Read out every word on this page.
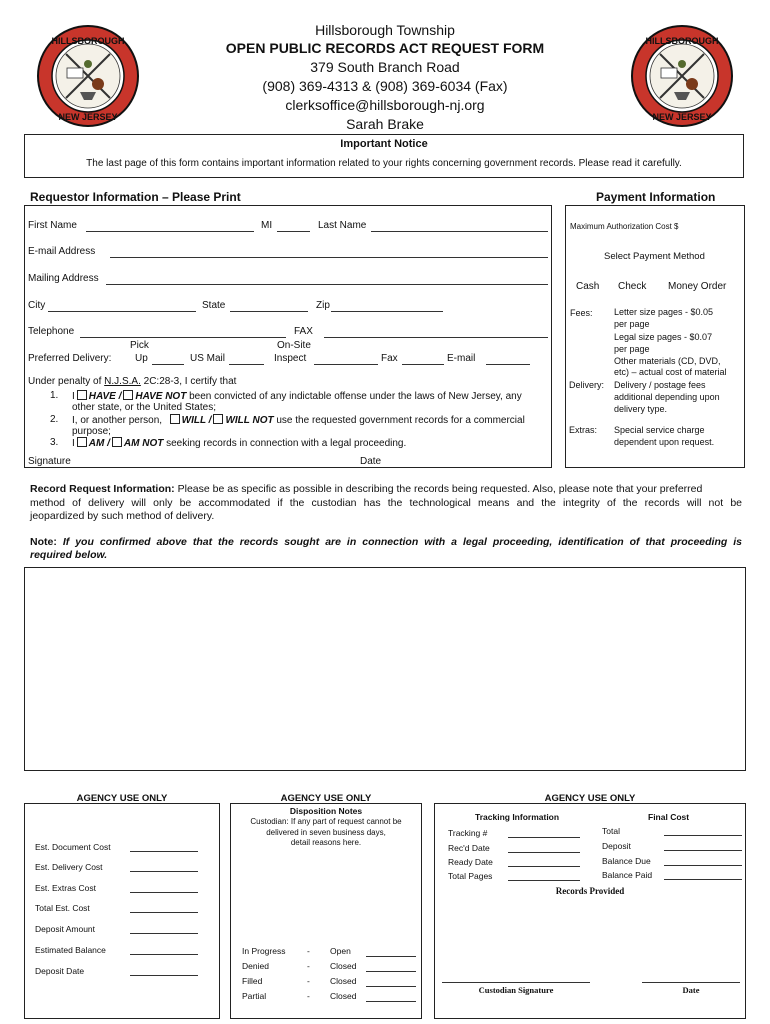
HILLSBOROUGH
NEW JERSEY
HILLSBOROUGH
NEW JERSEY
Hillsborough Township
OPEN PUBLIC RECORDS ACT REQUEST FORM
379 South Branch Road
(908) 369-4313 & (908) 369-6034 (Fax)
clerksoffice@hillsborough-nj.org
Sarah Brake
Important Notice
The last page of this form contains important information related to your rights concerning government records. Please read it carefully.
Requestor Information – Please Print
First Name	MI	Last Name
E-mail Address
Mailing Address
City	State	Zip
Telephone	FAX
Pick	On-Site
Preferred Delivery: Up	US Mail	Inspect	Fax	E-mail
Under penalty of N.J.S.A. 2C:28-3, I certify that
1. I HAVE / HAVE NOT been convicted of any indictable offense under the laws of New Jersey, any
other state, or the United States;
2. I, or another person, WILL / WILL NOT use the requested government records for a commercial
purpose;
3. I AM / AM NOT seeking records in connection with a legal proceeding.
Signature	Date
Payment Information
Maximum Authorization Cost $
Select Payment Method
Cash Check Money Order
Fees: Letter size pages - $0.05
per page
Legal size pages - $0.07
per page
Other materials (CD, DVD,
etc) – actual cost of material
Delivery: Delivery / postage fees
additional depending upon
delivery type.
Extras: Special service charge
dependent upon request.
Record Request Information: Please be as specific as possible in describing the records being requested. Also, please note that your preferred
method of delivery will only be accommodated if the custodian has the technological means and the integrity of the records will not be
jeopardized by such method of delivery.
Note: If you confirmed above that the records sought are in connection with a legal proceeding, identification of that proceeding is
required below.
AGENCY USE ONLY
Est. Document Cost
Est. Delivery Cost
Est. Extras Cost
Total Est. Cost
Deposit Amount
Estimated Balance
Deposit Date
AGENCY USE ONLY
Disposition Notes
Custodian: If any part of request cannot be
delivered in seven business days,
detail reasons here.
In Progress	- Open
Denied	- Closed
Filled	- Closed
Partial	- Closed
AGENCY USE ONLY
Tracking Information	Final Cost
Tracking #
Rec'd Date
Ready Date
Total Pages
Total
Deposit
Balance Due
Balance Paid
Records Provided
Custodian Signature	Date
